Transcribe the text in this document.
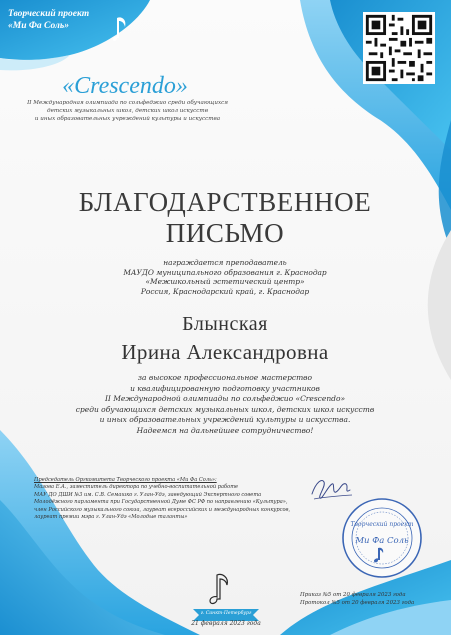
Творческий проект
«Ми Фа Соль»
«Crescendo»
II Международная олимпиада по сольфеджио среди обучающихся
детских музыкальных школ, детских школ искусств
и иных образовательных учреждений культуры и искусства
БЛАГОДАРСТВЕННОЕ
ПИСЬМО
награждается преподаватель
МАУДО муниципального образования г. Краснодар
«Межшкольный эстетический центр»
Россия, Краснодарский край, г. Краснодар
Блынская
Ирина Александровна
за высокое профессиональное мастерство
и квалифицированную подготовку участников
II Международной олимпиады по сольфеджио «Crescendo»
среди обучающихся детских музыкальных школ, детских школ искусств
и иных образовательных учреждений культуры и искусства.
Надеемся на дальнейшее сотрудничество!
Председатель Оргкомитета Творческого проекта «Ми Фа Соль»:
Мазова Е.А., заместитель директора по учебно-воспитательной работе
МАУ ДО ДШИ №3 им. С.В. Семашко г. Улан-Удэ, заведующий Экспертного совета
Молодёжного парламента при Государственной Думе ФС РФ по направлению «Культура»,
член Российского музыкального союза, лауреат всероссийских и международных конкурсов,
лауреат премии мэра г. Улан-Удэ «Молодые таланты»
Творческий проект
Ми Фа Соль
Приказ №5 от 20 февраля 2023 года
Протокол №5 от 20 февраля 2023 года
г. Санкт-Петербург
21 февраля 2023 года
